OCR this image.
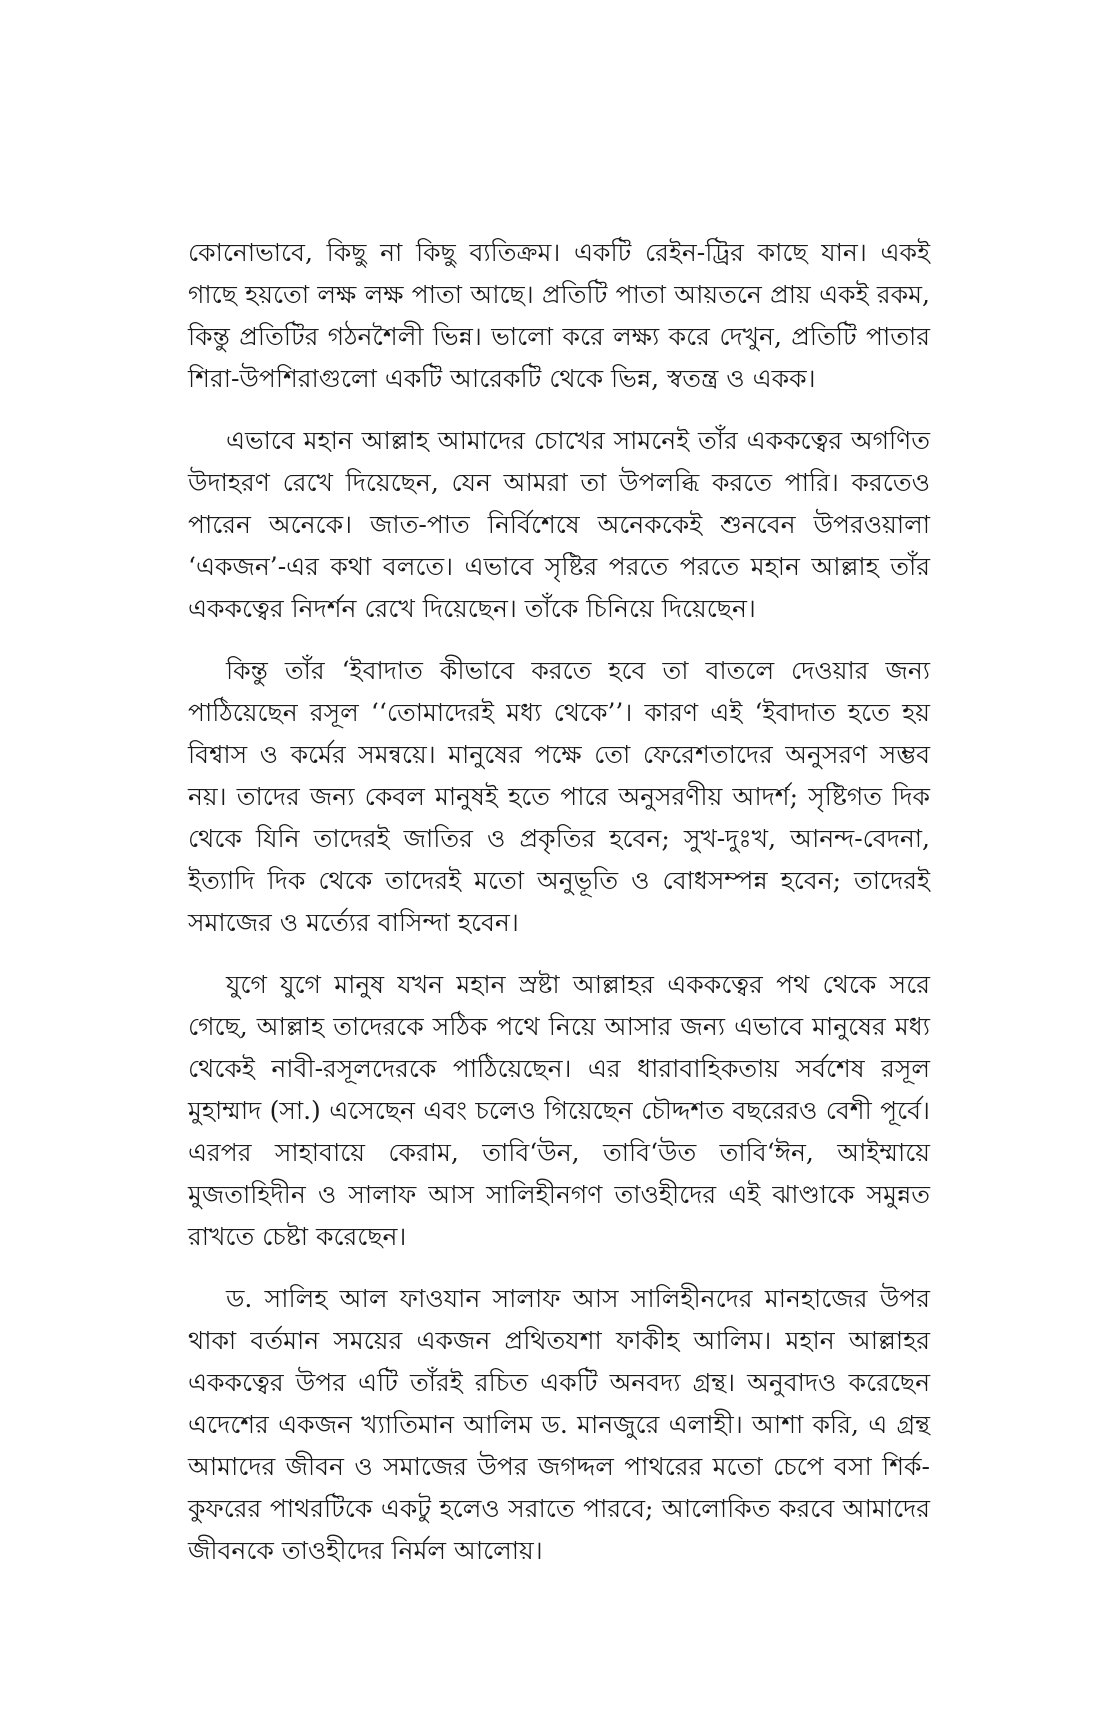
কোনোভাবে, কিছু না কিছু ব্যতিক্রম। একটি রেইন-ট্রির কাছে যান। একই গাছে হয়তো লক্ষ লক্ষ পাতা আছে। প্রতিটি পাতা আয়তনে প্রায় একই রকম, কিন্তু প্রতিটির গঠনশৈলী ভিন্ন। ভালো করে লক্ষ্য করে দেখুন, প্রতিটি পাতার শিরা-উপশিরাগুলো একটি আরেকটি থেকে ভিন্ন, স্বতন্ত্র ও একক।

এভাবে মহান আল্লাহ আমাদের চোখের সামনেই তাঁর এককত্বের অগণিত উদাহরণ রেখে দিয়েছেন, যেন আমরা তা উপলব্ধি করতে পারি। করতেও পারেন অনেকে। জাত-পাত নির্বিশেষে অনেককেই শুনবেন উপরওয়ালা ‘একজন’-এর কথা বলতে। এভাবে সৃষ্টির পরতে পরতে মহান আল্লাহ তাঁর এককত্বের নিদর্শন রেখে দিয়েছেন। তাঁকে চিনিয়ে দিয়েছেন।

কিন্তু তাঁর ‘ইবাদাত কীভাবে করতে হবে তা বাতলে দেওয়ার জন্য পাঠিয়েছেন রসূল ‘‘তোমাদেরই মধ্য থেকে’’। কারণ এই ‘ইবাদাত হতে হয় বিশ্বাস ও কর্মের সমন্বয়ে। মানুষের পক্ষে তো ফেরেশতাদের অনুসরণ সম্ভব নয়। তাদের জন্য কেবল মানুষই হতে পারে অনুসরণীয় আদর্শ; সৃষ্টিগত দিক থেকে যিনি তাদেরই জাতির ও প্রকৃতির হবেন; সুখ-দুঃখ, আনন্দ-বেদনা, ইত্যাদি দিক থেকে তাদেরই মতো অনুভূতি ও বোধসম্পন্ন হবেন; তাদেরই সমাজের ও মর্ত্যের বাসিন্দা হবেন।

যুগে যুগে মানুষ যখন মহান স্রষ্টা আল্লাহর এককত্বের পথ থেকে সরে গেছে, আল্লাহ তাদেরকে সঠিক পথে নিয়ে আসার জন্য এভাবে মানুষের মধ্য থেকেই নাবী-রসূলদেরকে পাঠিয়েছেন। এর ধারাবাহিকতায় সর্বশেষ রসূল মুহাম্মাদ (সা.) এসেছেন এবং চলেও গিয়েছেন চৌদ্দশত বছরেরও বেশী পূর্বে। এরপর সাহাবায়ে কেরাম, তাবি‘উন, তাবি‘উত তাবি‘ঈন, আইম্মায়ে মুজতাহিদীন ও সালাফ আস সালিহীনগণ তাওহীদের এই ঝাণ্ডাকে সমুন্নত রাখতে চেষ্টা করেছেন।

ড. সালিহ আল ফাওযান সালাফ আস সালিহীনদের মানহাজের উপর থাকা বর্তমান সময়ের একজন প্রথিতযশা ফাকীহ আলিম। মহান আল্লাহর এককত্বের উপর এটি তাঁরই রচিত একটি অনবদ্য গ্রন্থ। অনুবাদও করেছেন এদেশের একজন খ্যাতিমান আলিম ড. মানজুরে এলাহী। আশা করি, এ গ্রন্থ আমাদের জীবন ও সমাজের উপর জগদ্দল পাথরের মতো চেপে বসা শির্ক-কুফরের পাথরটিকে একটু হলেও সরাতে পারবে; আলোকিত করবে আমাদের জীবনকে তাওহীদের নির্মল আলোয়।
